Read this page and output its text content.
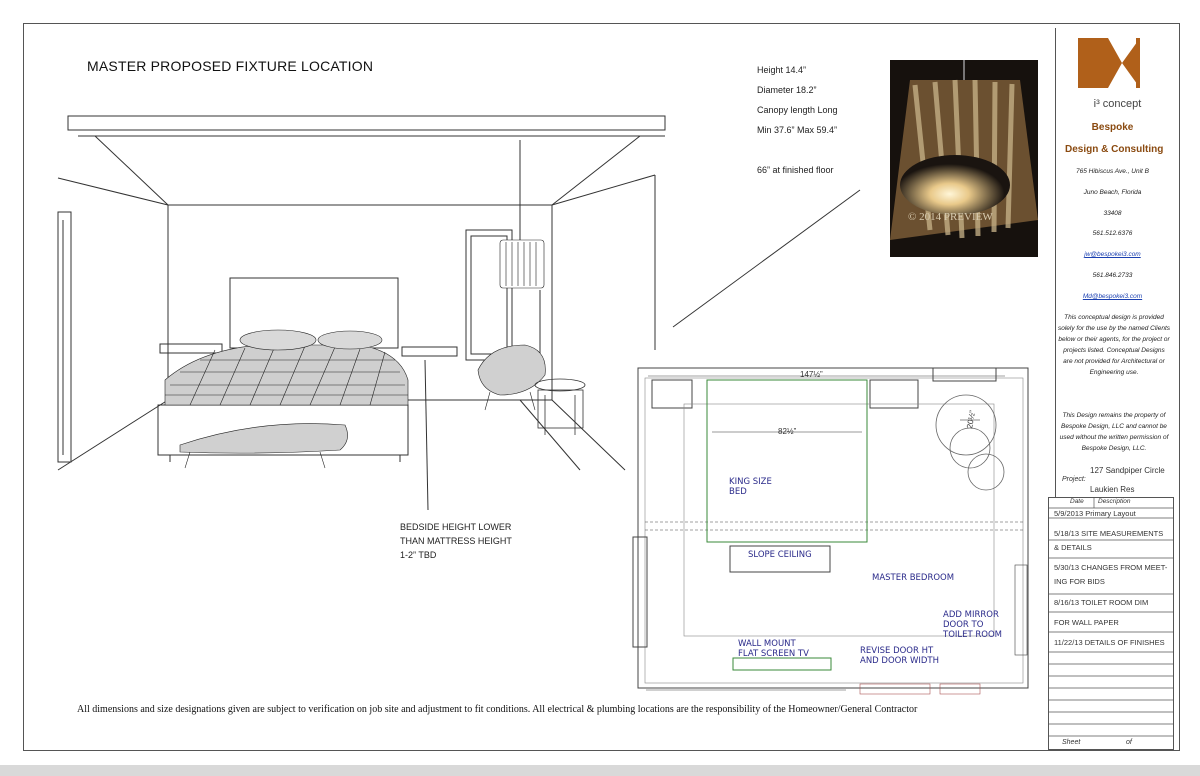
MASTER PROPOSED FIXTURE LOCATION	Height 14.4”
Diameter 18.2”
Canopy length Long
Min 37.6” Max 59.4”
66” at finished floor
© 2014 PREVIEW
BEDSIDE HEIGHT LOWER
THAN MATTRESS HEIGHT
1-2” TBD
147½”
82½”
20½”
KING SIZE
BED
SLOPE CEILING
MASTER BEDROOM
ADD MIRROR
DOOR TO
TOILET ROOM
WALL MOUNT
FLAT SCREEN TV	REVISE DOOR HT
AND DOOR WIDTH
All dimensions and size designations given are subject to verification on job site and adjustment to fit conditions. All electrical & plumbing locations are the responsibility of the Homeowner/General Contractor
i³ concept
Bespoke
Design & Consulting
765 Hibiscus Ave., Unit B
Juno Beach, Florida
33408
561.512.6376
jw@bespokei3.com
561.846.2733
Md@bespokei3.com
This conceptual design is provided solely for the use by the named Clients below or their agents, for the project or projects listed. Conceptual Designs are not provided for Architectural or Engineering use.
This Design remains the property of Bespoke Design, LLC and cannot be used without the written permission of Bespoke Design, LLC.
127 Sandpiper Circle
Project:
Laukien Res
Date Description
5/9/2013 Primary Layout
5/18/13 SITE MEASUREMENTS
& DETAILS
5/30/13 CHANGES FROM MEET-
ING FOR BIDS
8/16/13 TOILET ROOM DIM
FOR WALL PAPER
11/22/13 DETAILS OF FINISHES
Sheet	of
